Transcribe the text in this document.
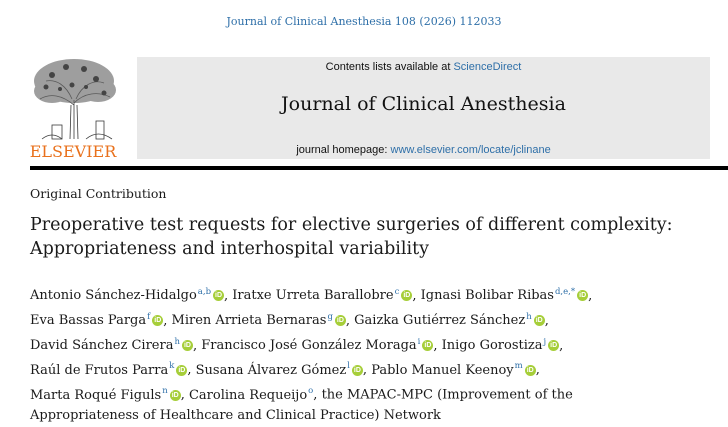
Journal of Clinical Anesthesia 108 (2026) 112033
ELSEVIER
Contents lists available at ScienceDirect
Journal of Clinical Anesthesia
journal homepage: www.elsevier.com/locate/jclinane
Original Contribution
Preoperative test requests for elective surgeries of different complexity:
Appropriateness and interhospital variability
Antonio Sánchez-Hidalgo$^{a,b}$ iD , Iratxe Urreta Barallobre$^c$ iD , Ignasi Bolibar Ribas$^{d,e,*}$ iD ,
Eva Bassas Parga$^f$ iD , Miren Arrieta Bernaras$^g$ iD , Gaizka Gutiérrez Sánchez$^h$ iD ,
David Sánchez Cirera$^h$ iD , Francisco José González Moraga$^i$ iD , Inigo Gorostiza$^j$ iD ,
Raúl de Frutos Parra$^k$ iD , Susana Álvarez Gómez$^l$ iD , Pablo Manuel Keenoy$^m$ iD ,
Marta Roqué Figuls$^n$ iD , Carolina Requeijo$^o$, the MAPAC-MPC (Improvement of the
Appropriateness of Healthcare and Clinical Practice) Network
